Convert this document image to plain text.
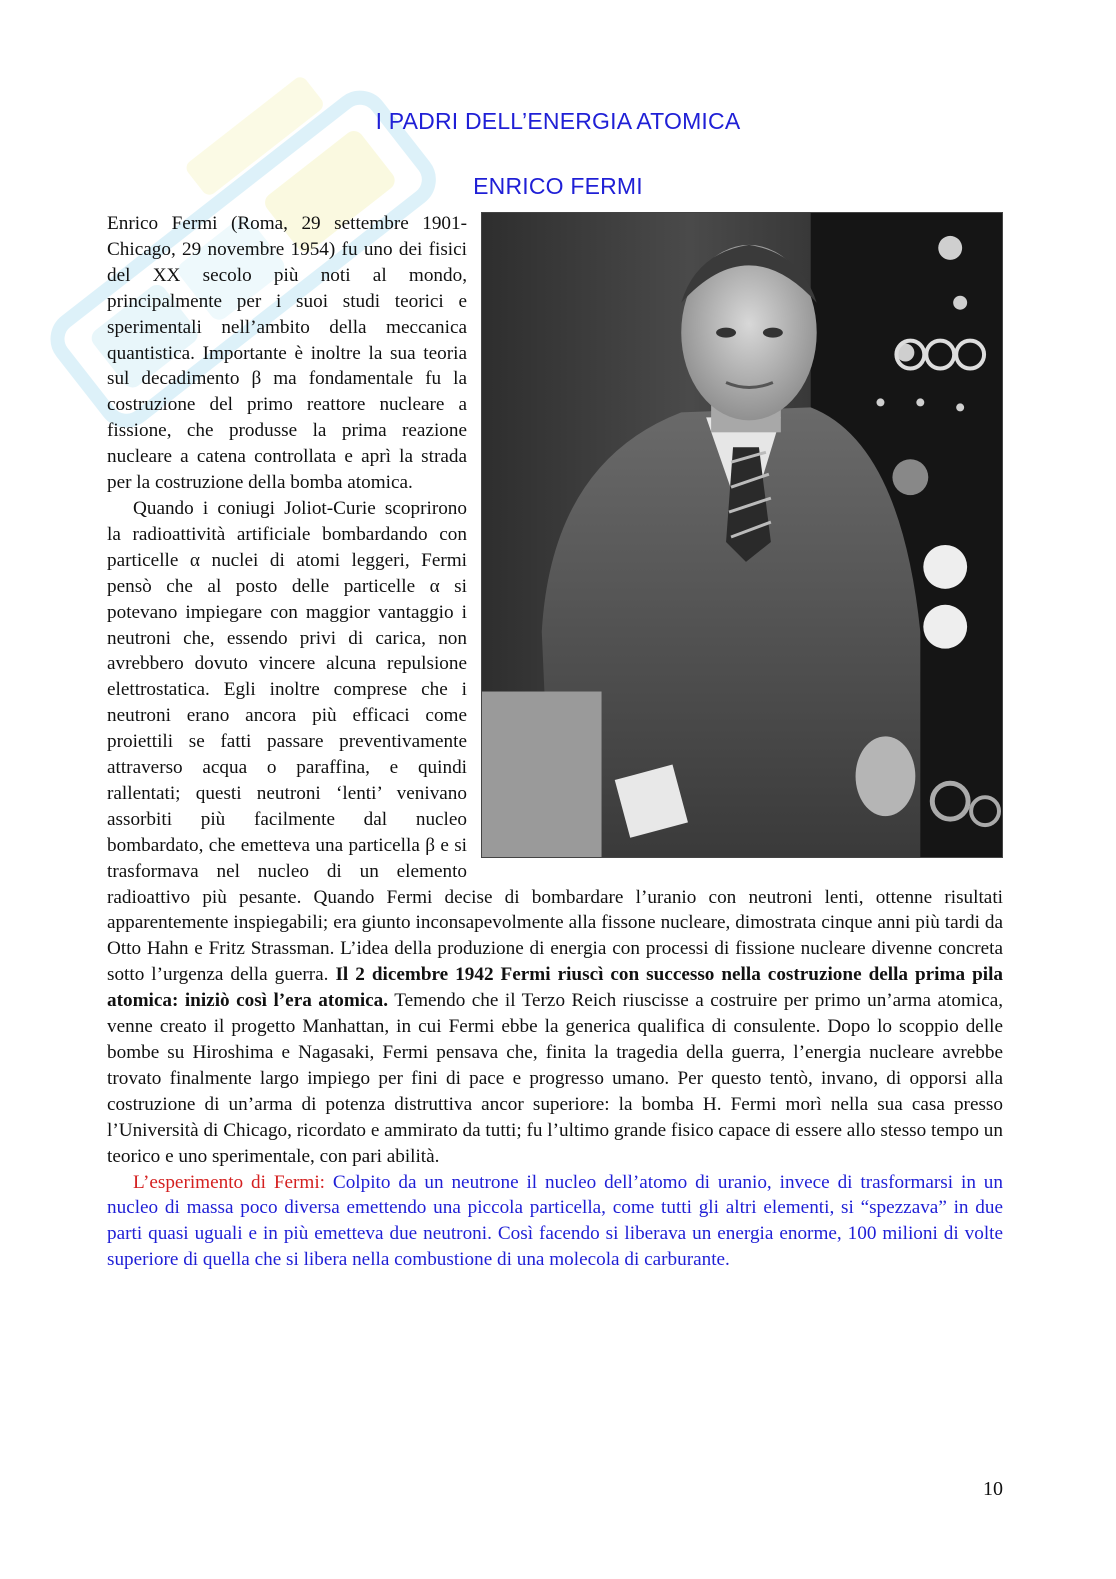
I PADRI DELL’ENERGIA ATOMICA
ENRICO FERMI

Enrico Fermi (Roma, 29 settembre 1901-Chicago, 29 novembre 1954) fu uno dei fisici del XX secolo più noti al mondo, principalmente per i suoi studi teorici e sperimentali nell’ambito della meccanica quantistica. Importante è inoltre la sua teoria sul decadimento β ma fondamentale fu la costruzione del primo reattore nucleare a fissione, che produsse la prima reazione nucleare a catena controllata e aprì la strada per la costruzione della bomba atomica.

Quando i coniugi Joliot-Curie scoprirono la radioattività artificiale bombardando con particelle α nuclei di atomi leggeri, Fermi pensò che al posto delle particelle α si potevano impiegare con maggior vantaggio i neutroni che, essendo privi di carica, non avrebbero dovuto vincere alcuna repulsione elettrostatica. Egli inoltre comprese che i neutroni erano ancora più efficaci come proiettili se fatti passare preventivamente attraverso acqua o paraffina, e quindi rallentati; questi neutroni ‘lenti’ venivano assorbiti più facilmente dal nucleo bombardato, che emetteva una particella β e si trasformava nel nucleo di un elemento radioattivo più pesante. Quando Fermi decise di bombardare l’uranio con neutroni lenti, ottenne risultati apparentemente inspiegabili; era giunto inconsapevolmente alla fissone nucleare, dimostrata cinque anni più tardi da Otto Hahn e Fritz Strassman. L’idea della produzione di energia con processi di fissione nucleare divenne concreta sotto l’urgenza della guerra. Il 2 dicembre 1942 Fermi riuscì con successo nella costruzione della prima pila atomica: iniziò così l’era atomica. Temendo che il Terzo Reich riuscisse a costruire per primo un’arma atomica, venne creato il progetto Manhattan, in cui Fermi ebbe la generica qualifica di consulente. Dopo lo scoppio delle bombe su Hiroshima e Nagasaki, Fermi pensava che, finita la tragedia della guerra, l’energia nucleare avrebbe trovato finalmente largo impiego per fini di pace e progresso umano. Per questo tentò, invano, di opporsi alla costruzione di un’arma di potenza distruttiva ancor superiore: la bomba H. Fermi morì nella sua casa presso l’Università di Chicago, ricordato e ammirato da tutti; fu l’ultimo grande fisico capace di essere allo stesso tempo un teorico e uno sperimentale, con pari abilità.

L’esperimento di Fermi: Colpito da un neutrone il nucleo dell’atomo di uranio, invece di trasformarsi in un nucleo di massa poco diversa emettendo una piccola particella, come tutti gli altri elementi, si “spezzava” in due parti quasi uguali e in più emetteva due neutroni. Così facendo si liberava un energia enorme, 100 milioni di volte superiore di quella che si libera nella combustione di una molecola di carburante.

10
